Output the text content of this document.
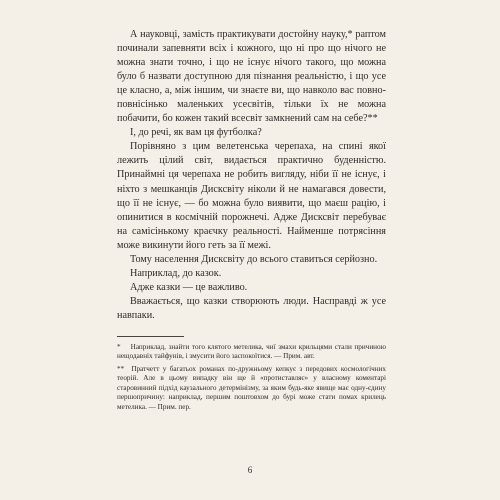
А науковці, замість практикувати достойну науку,* раптом починали запевняти всіх і кожного, що ні про що нічого не можна знати точно, і що не існує нічого такого, що можна було б назвати доступною для пізнання реальністю, і що усе це класно, а, між іншим, чи знаєте ви, що навколо вас повно-повнісінько маленьких усесвітів, тільки їх не можна побачити, бо кожен такий всесвіт замкнений сам на себе?**

І, до речі, як вам ця футболка?

Порівняно з цим велетенська черепаха, на спині якої лежить цілий світ, видається практично буденністю. Принаймні ця черепаха не робить вигляду, ніби її не існує, і ніхто з мешканців Дисксвіту ніколи й не намагався довести, що її не існує, — бо можна було виявити, що маєш рацію, і опинитися в космічній порожнечі. Адже Дисксвіт перебуває на самісінькому краєчку реальності. Найменше потрясіння може викинути його геть за її межі.

Тому населення Дисксвіту до всього ставиться серйозно.

Наприклад, до казок.

Адже казки — це важливо.

Вважається, що казки створюють люди. Насправді ж усе навпаки.

* Наприклад, знайти того клятого метелика, чиї змахи крильцями стали причиною нещодавніх тайфунів, і змусити його заспокоїтися. — Прим. авт.

** Пратчетт у багатьох романах по-дружньому кепкує з передових космологічних теорій. Але в цьому випадку він ще й «протиставляє» у власному коментарі старовинний підхід каузального детермінізму, за яким будь-яке явище має одну-єдину першопричину: наприклад, першим поштовхом до бурі може стати помах крилець метелика. — Прим. пер.

6
